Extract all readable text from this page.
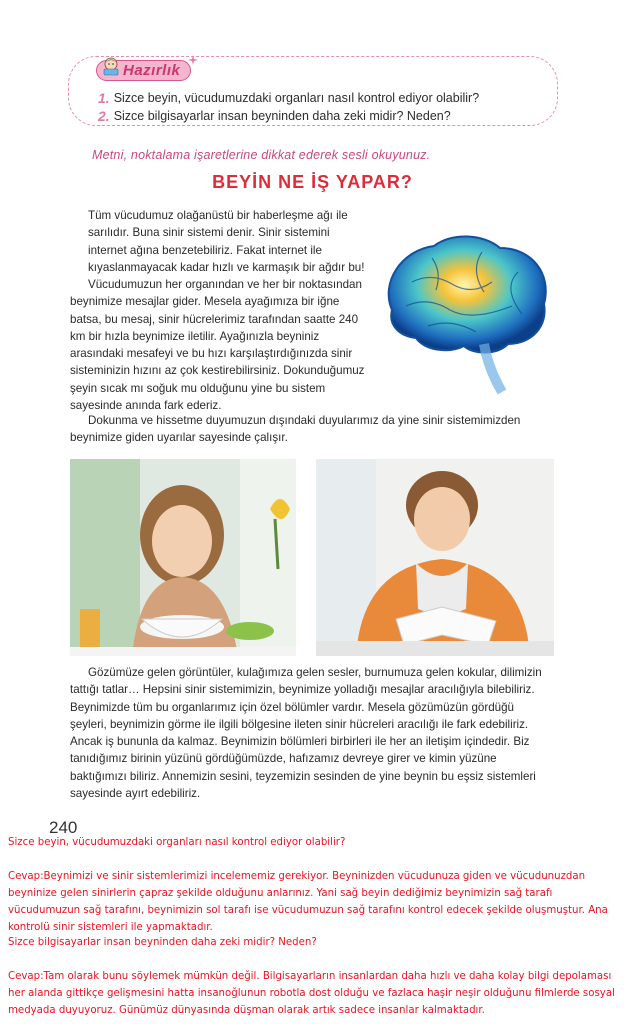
Hazırlık
1. Sizce beyin, vücudumuzdaki organları nasıl kontrol ediyor olabilir?
2. Sizce bilgisayarlar insan beyninden daha zeki midir? Neden?
Metni, noktalama işaretlerine dikkat ederek sesli okuyunuz.
BEYİN NE İŞ YAPAR?

Tüm vücudumuz olağanüstü bir haberleşme ağı ile sarılıdır. Buna sinir sistemi denir. Sinir sistemini internet ağına benzetebiliriz. Fakat internet ile kıyaslanmayacak kadar hızlı ve karmaşık bir ağdır bu!

Vücudumuzun her organından ve her bir noktasından beynimize mesajlar gider. Mesela ayağımıza bir iğne batsa, bu mesaj, sinir hücrelerimiz tarafından saatte 240 km bir hızla beynimize iletilir. Ayağınızla beyniniz arasındaki mesafeyi ve bu hızı karşılaştırdığınızda sinir sisteminizin hızını az çok kestirebilirsiniz. Dokunduğumuz şeyin sıcak mı soğuk mu olduğunu yine bu sistem sayesinde anında fark ederiz.

Dokunma ve hissetme duyumuzun dışındaki duyularımız da yine sinir sistemimizden beynimize giden uyarılar sayesinde çalışır.

Gözümüze gelen görüntüler, kulağımıza gelen sesler, burnumuza gelen kokular, dilimizin tattığı tatlar… Hepsini sinir sistemimizin, beynimize yolladığı mesajlar aracılığıyla bilebiliriz. Beynimizde tüm bu organlarımız için özel bölümler vardır. Mesela gözümüzün gördüğü şeyleri, beynimizin görme ile ilgili bölgesine ileten sinir hücreleri aracılığı ile fark edebiliriz. Ancak iş bununla da kalmaz. Beynimizin bölümleri birbirleri ile her an iletişim içindedir. Biz tanıdığımız birinin yüzünü gördüğümüzde, hafızamız devreye girer ve kimin yüzüne baktığımızı biliriz. Annemizin sesini, teyzemizin sesinden de yine beynin bu eşsiz sistemleri sayesinde ayırt edebiliriz.

240

Sizce beyin, vücudumuzdaki organları nasıl kontrol ediyor olabilir?

Cevap:Beynimizi ve sinir sistemlerimizi incelememiz gerekiyor. Beyninizden vücudunuza giden ve vücudunuzdan beyninize gelen sinirlerin çapraz şekilde olduğunu anlarınız. Yani sağ beyin dediğimiz beynimizin sağ tarafı vücudumuzun sağ tarafını, beynimizin sol tarafı ise vücudumuzun sağ tarafını kontrol edecek şekilde oluşmuştur. Ana kontrolü sinir sistemleri ile yapmaktadır.

Sizce bilgisayarlar insan beyninden daha zeki midir? Neden?

Cevap:Tam olarak bunu söylemek mümkün değil. Bilgisayarların insanlardan daha hızlı ve daha kolay bilgi depolaması her alanda gittikçe gelişmesini hatta insanoğlunun robotla dost olduğu ve fazlaca haşir neşir olduğunu filmlerde sosyal medyada duyuyoruz. Günümüz dünyasında düşman olarak artık sadece insanlar kalmaktadır.
